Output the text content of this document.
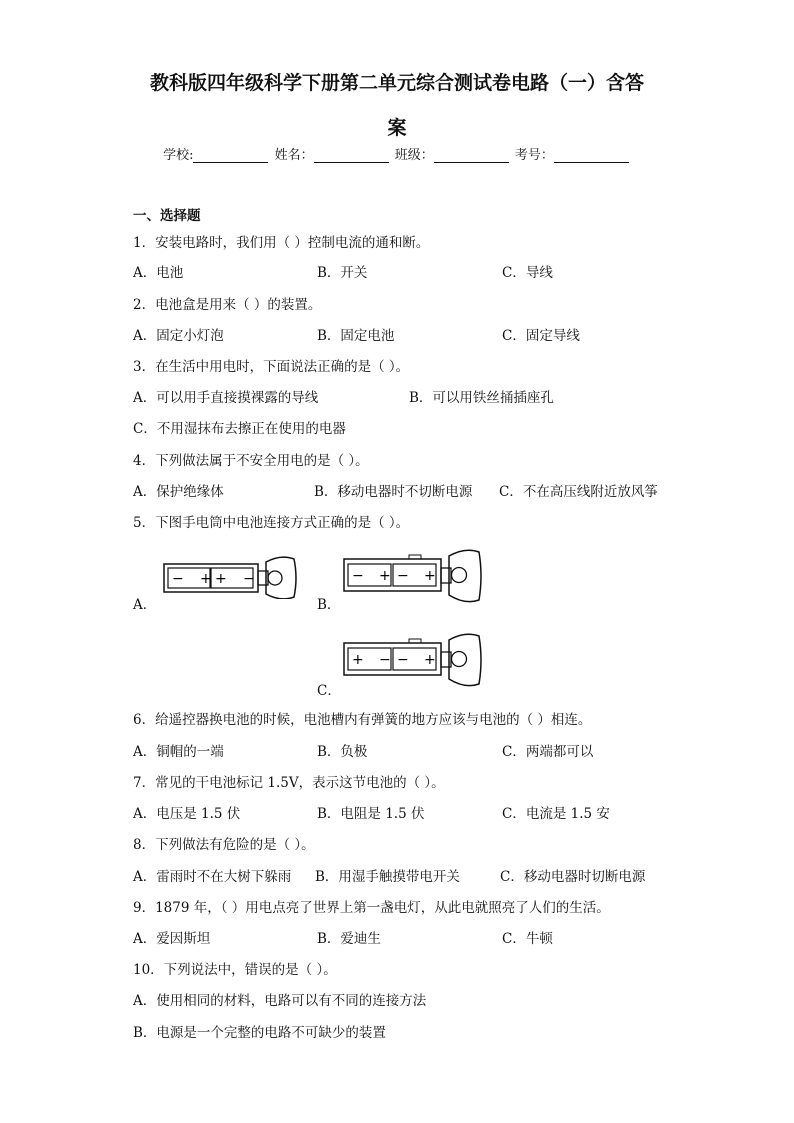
教科版四年级科学下册第二单元综合测试卷电路（一）含答
案
学校:	姓名：	班级：	考号：
一、选择题
1．安装电路时，我们用（ ）控制电流的通和断。
A．电池	B．开关	C．导线
2．电池盒是用来（ ）的装置。
A．固定小灯泡	B．固定电池	C．固定导线
3．在生活中用电时，下面说法正确的是（ ）。
A．可以用手直接摸裸露的导线	B．可以用铁丝捅插座孔
C．不用湿抹布去擦正在使用的电器
4．下列做法属于不安全用电的是（ ）。
A．保护绝缘体	B．移动电器时不切断电源 C．不在高压线附近放风筝
5．下图手电筒中电池连接方式正确的是（ ）。
A．	B．
C．
− + + −	− + − +
+ − − +
6．给遥控器换电池的时候，电池槽内有弹簧的地方应该与电池的（ ）相连。
A．铜帽的一端	B．负极	C．两端都可以
7．常见的干电池标记 1.5V，表示这节电池的（ ）。
A．电压是 1.5 伏	B．电阻是 1.5 伏	C．电流是 1.5 安
8．下列做法有危险的是（ ）。
A．雷雨时不在大树下躲雨 B．用湿手触摸带电开关	C．移动电器时切断电源
9．1879 年，（ ）用电点亮了世界上第一盏电灯，从此电就照亮了人们的生活。
A．爱因斯坦	B．爱迪生	C．牛顿
10．下列说法中，错误的是（ ）。
A．使用相同的材料，电路可以有不同的连接方法
B．电源是一个完整的电路不可缺少的装置
